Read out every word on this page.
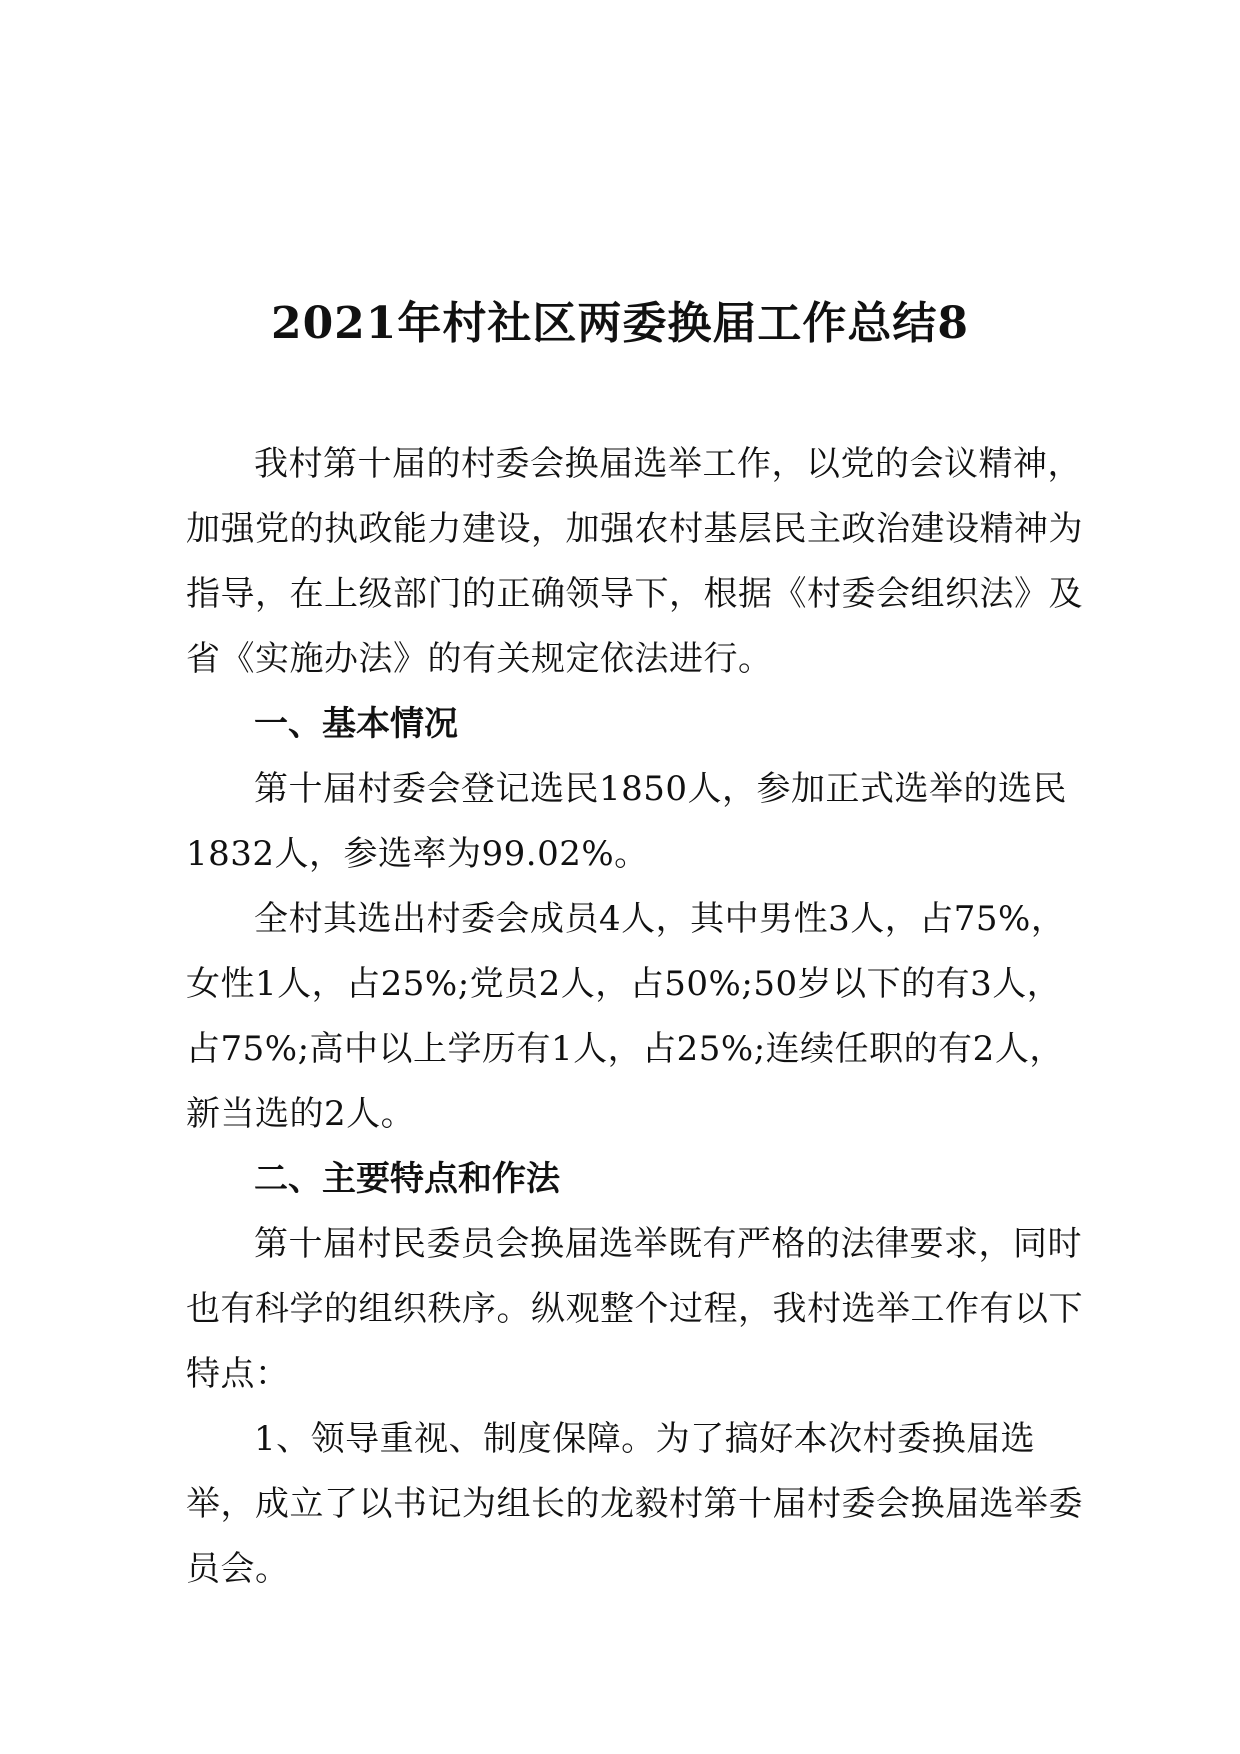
2021年村社区两委换届工作总结8

我村第十届的村委会换届选举工作，以党的会议精神，加强党的执政能力建设，加强农村基层民主政治建设精神为指导，在上级部门的正确领导下，根据《村委会组织法》及省《实施办法》的有关规定依法进行。

一、基本情况

第十届村委会登记选民1850人，参加正式选举的选民1832人，参选率为99.02%。

全村其选出村委会成员4人，其中男性3人，占75%，女性1人，占25%;党员2人，占50%;50岁以下的有3人，占75%;高中以上学历有1人，占25%;连续任职的有2人，新当选的2人。

二、主要特点和作法

第十届村民委员会换届选举既有严格的法律要求，同时也有科学的组织秩序。纵观整个过程，我村选举工作有以下特点：

1、领导重视、制度保障。为了搞好本次村委换届选举，成立了以书记为组长的龙毅村第十届村委会换届选举委员会。
